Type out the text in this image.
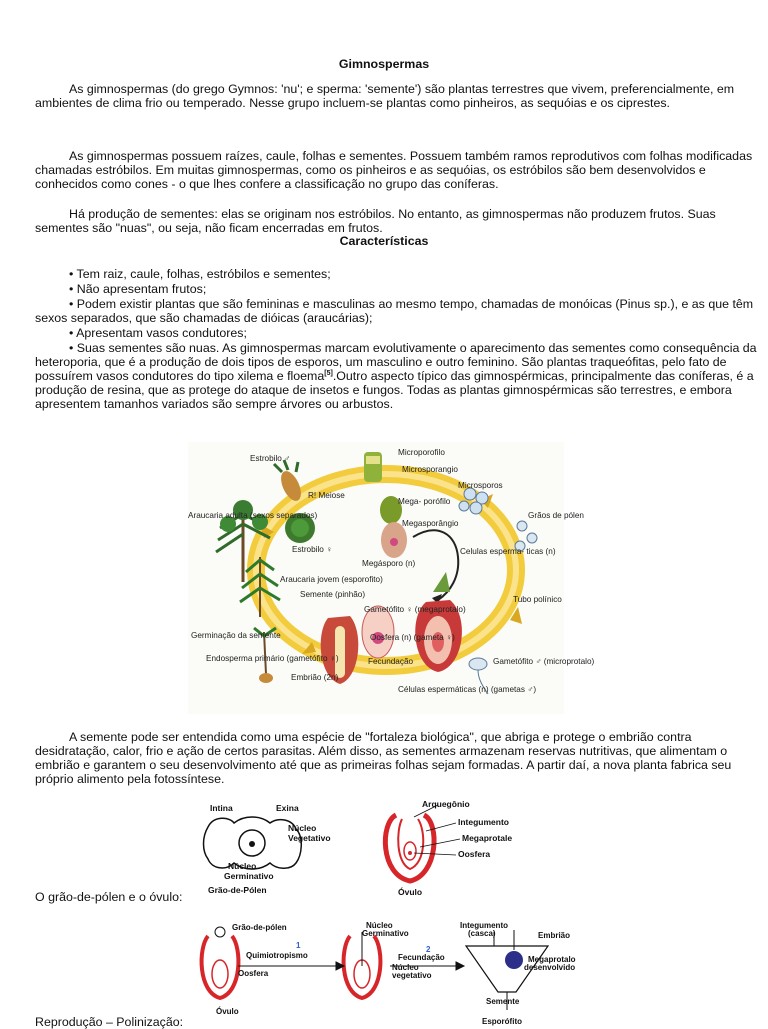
Gimnospermas
As gimnospermas (do grego Gymnos: 'nu'; e sperma: 'semente') são plantas terrestres que vivem, preferencialmente, em ambientes de clima frio ou temperado. Nesse grupo incluem-se plantas como pinheiros, as sequóias e os ciprestes.
As gimnospermas possuem raízes, caule, folhas e sementes. Possuem também ramos reprodutivos com folhas modificadas chamadas estróbilos. Em muitas gimnospermas, como os pinheiros e as sequóias, os estróbilos são bem desenvolvidos e conhecidos como cones - o que lhes confere a classificação no grupo das coníferas.
Há produção de sementes: elas se originam nos estróbilos. No entanto, as gimnospermas não produzem frutos. Suas sementes são "nuas", ou seja, não ficam encerradas em frutos.
Características
• Tem raiz, caule, folhas, estróbilos e sementes;
• Não apresentam frutos;
• Podem existir plantas que são femininas e masculinas ao mesmo tempo, chamadas de monóicas (Pinus sp.), e as que têm sexos separados, que são chamadas de dióicas (araucárias);
• Apresentam vasos condutores;
• Suas sementes são nuas. As gimnospermas marcam evolutivamente o aparecimento das sementes como consequência da heteroporia, que é a produção de dois tipos de esporos, um masculino e outro feminino. São plantas traqueófitas, pelo fato de possuírem vasos condutores do tipo xilema e floema[5].Outro aspecto típico das gimnospérmicas, principalmente das coníferas, é a produção de resina, que as protege do ataque de insetos e fungos. Todas as plantas gimnospérmicas são terrestres, e embora apresentem tamanhos variados são sempre árvores ou arbustos.
Estrobilo ♂
Microporofilo
Microsporangio
Microsporos
R! Meiose
Mega- porófilo
Megasporângio
Grãos de pólen
Araucaria adulta (sexos separados)
Estrobilo ♀
Megásporo (n)
Celulas esperma- ticas (n)
Araucaria jovem (esporofito)
Semente (pinhão)
Gametófito ♀ (megaprotalo)
Tubo polínico
Germinação da semente	Oosfera (n) (gameta ♀)
Endosperma primário (gametófito ♀)	Fecundação	Gametófito ♂ (microprotalo)
Embrião (2n)
Células espermáticas (n) (gametas ♂)
A semente pode ser entendida como uma espécie de "fortaleza biológica", que abriga e protege o embrião contra desidratação, calor, frio e ação de certos parasitas. Além disso, as sementes armazenam reservas nutritivas, que alimentam o embrião e garantem o seu desenvolvimento até que as primeiras folhas sejam formadas. A partir daí, a nova planta fabrica seu próprio alimento pela fotossíntese.
Intina	Exina
Núcleo
Vegetativo
Núcleo
Germinativo
Grão-de-Pólen
Arquegônio
Integumento
Megaprotale
Oosfera
Óvulo
O grão-de-pólen e o óvulo:
Grão-de-pólen
1
Quimiotropismo
Oosfera
Óvulo
Núcleo
Germinativo
2
Fecundação
Núcleo
vegetativo
Integumento
(casca)	Embrião
Megaprotalo
desenvolvido
Semente
Esporófito
Reprodução – Polinização:
